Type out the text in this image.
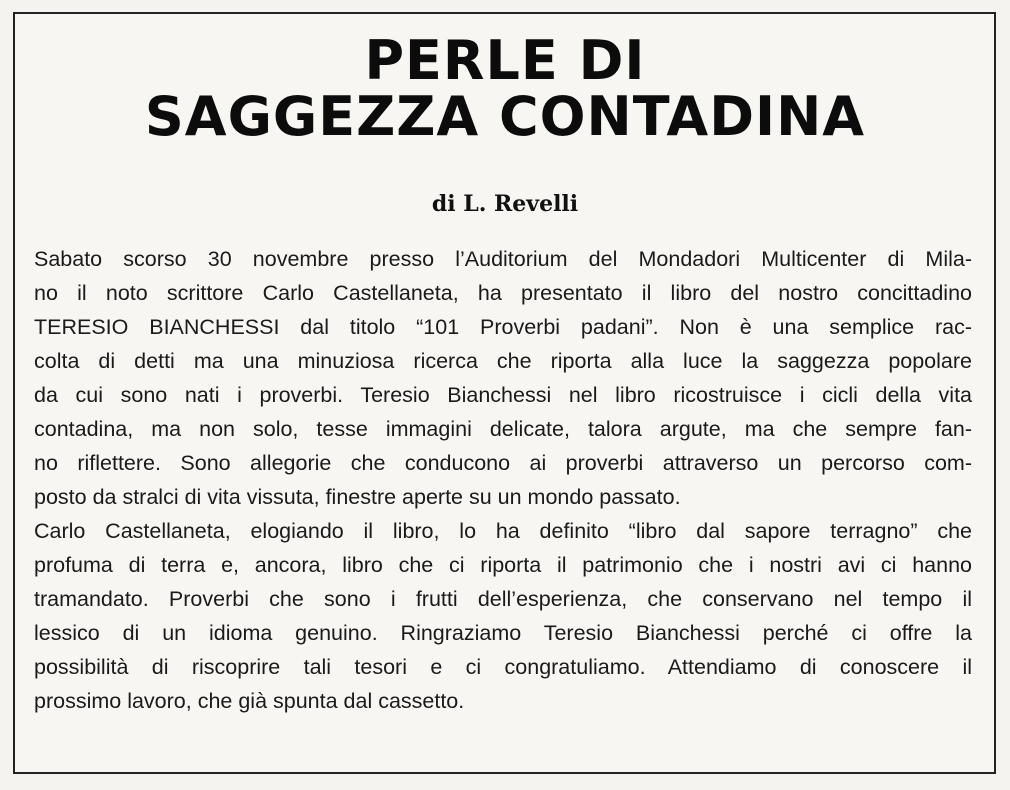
PERLE DI
SAGGEZZA CONTADINA
di L. Revelli
Sabato scorso 30 novembre presso l’Auditorium del Mondadori Multicenter di Mila-
no il noto scrittore Carlo Castellaneta, ha presentato il libro del nostro concittadino
TERESIO BIANCHESSI dal titolo “101 Proverbi padani”. Non è una semplice rac-
colta di detti ma una minuziosa ricerca che riporta alla luce la saggezza popolare
da cui sono nati i proverbi. Teresio Bianchessi nel libro ricostruisce i cicli della vita
contadina, ma non solo, tesse immagini delicate, talora argute, ma che sempre fan-
no riflettere. Sono allegorie che conducono ai proverbi attraverso un percorso com-
posto da stralci di vita vissuta, finestre aperte su un mondo passato.
Carlo Castellaneta, elogiando il libro, lo ha definito “libro dal sapore terragno” che
profuma di terra e, ancora, libro che ci riporta il patrimonio che i nostri avi ci hanno
tramandato. Proverbi che sono i frutti dell’esperienza, che conservano nel tempo il
lessico di un idioma genuino. Ringraziamo Teresio Bianchessi perché ci offre la
possibilità di riscoprire tali tesori e ci congratuliamo. Attendiamo di conoscere il
prossimo lavoro, che già spunta dal cassetto.
